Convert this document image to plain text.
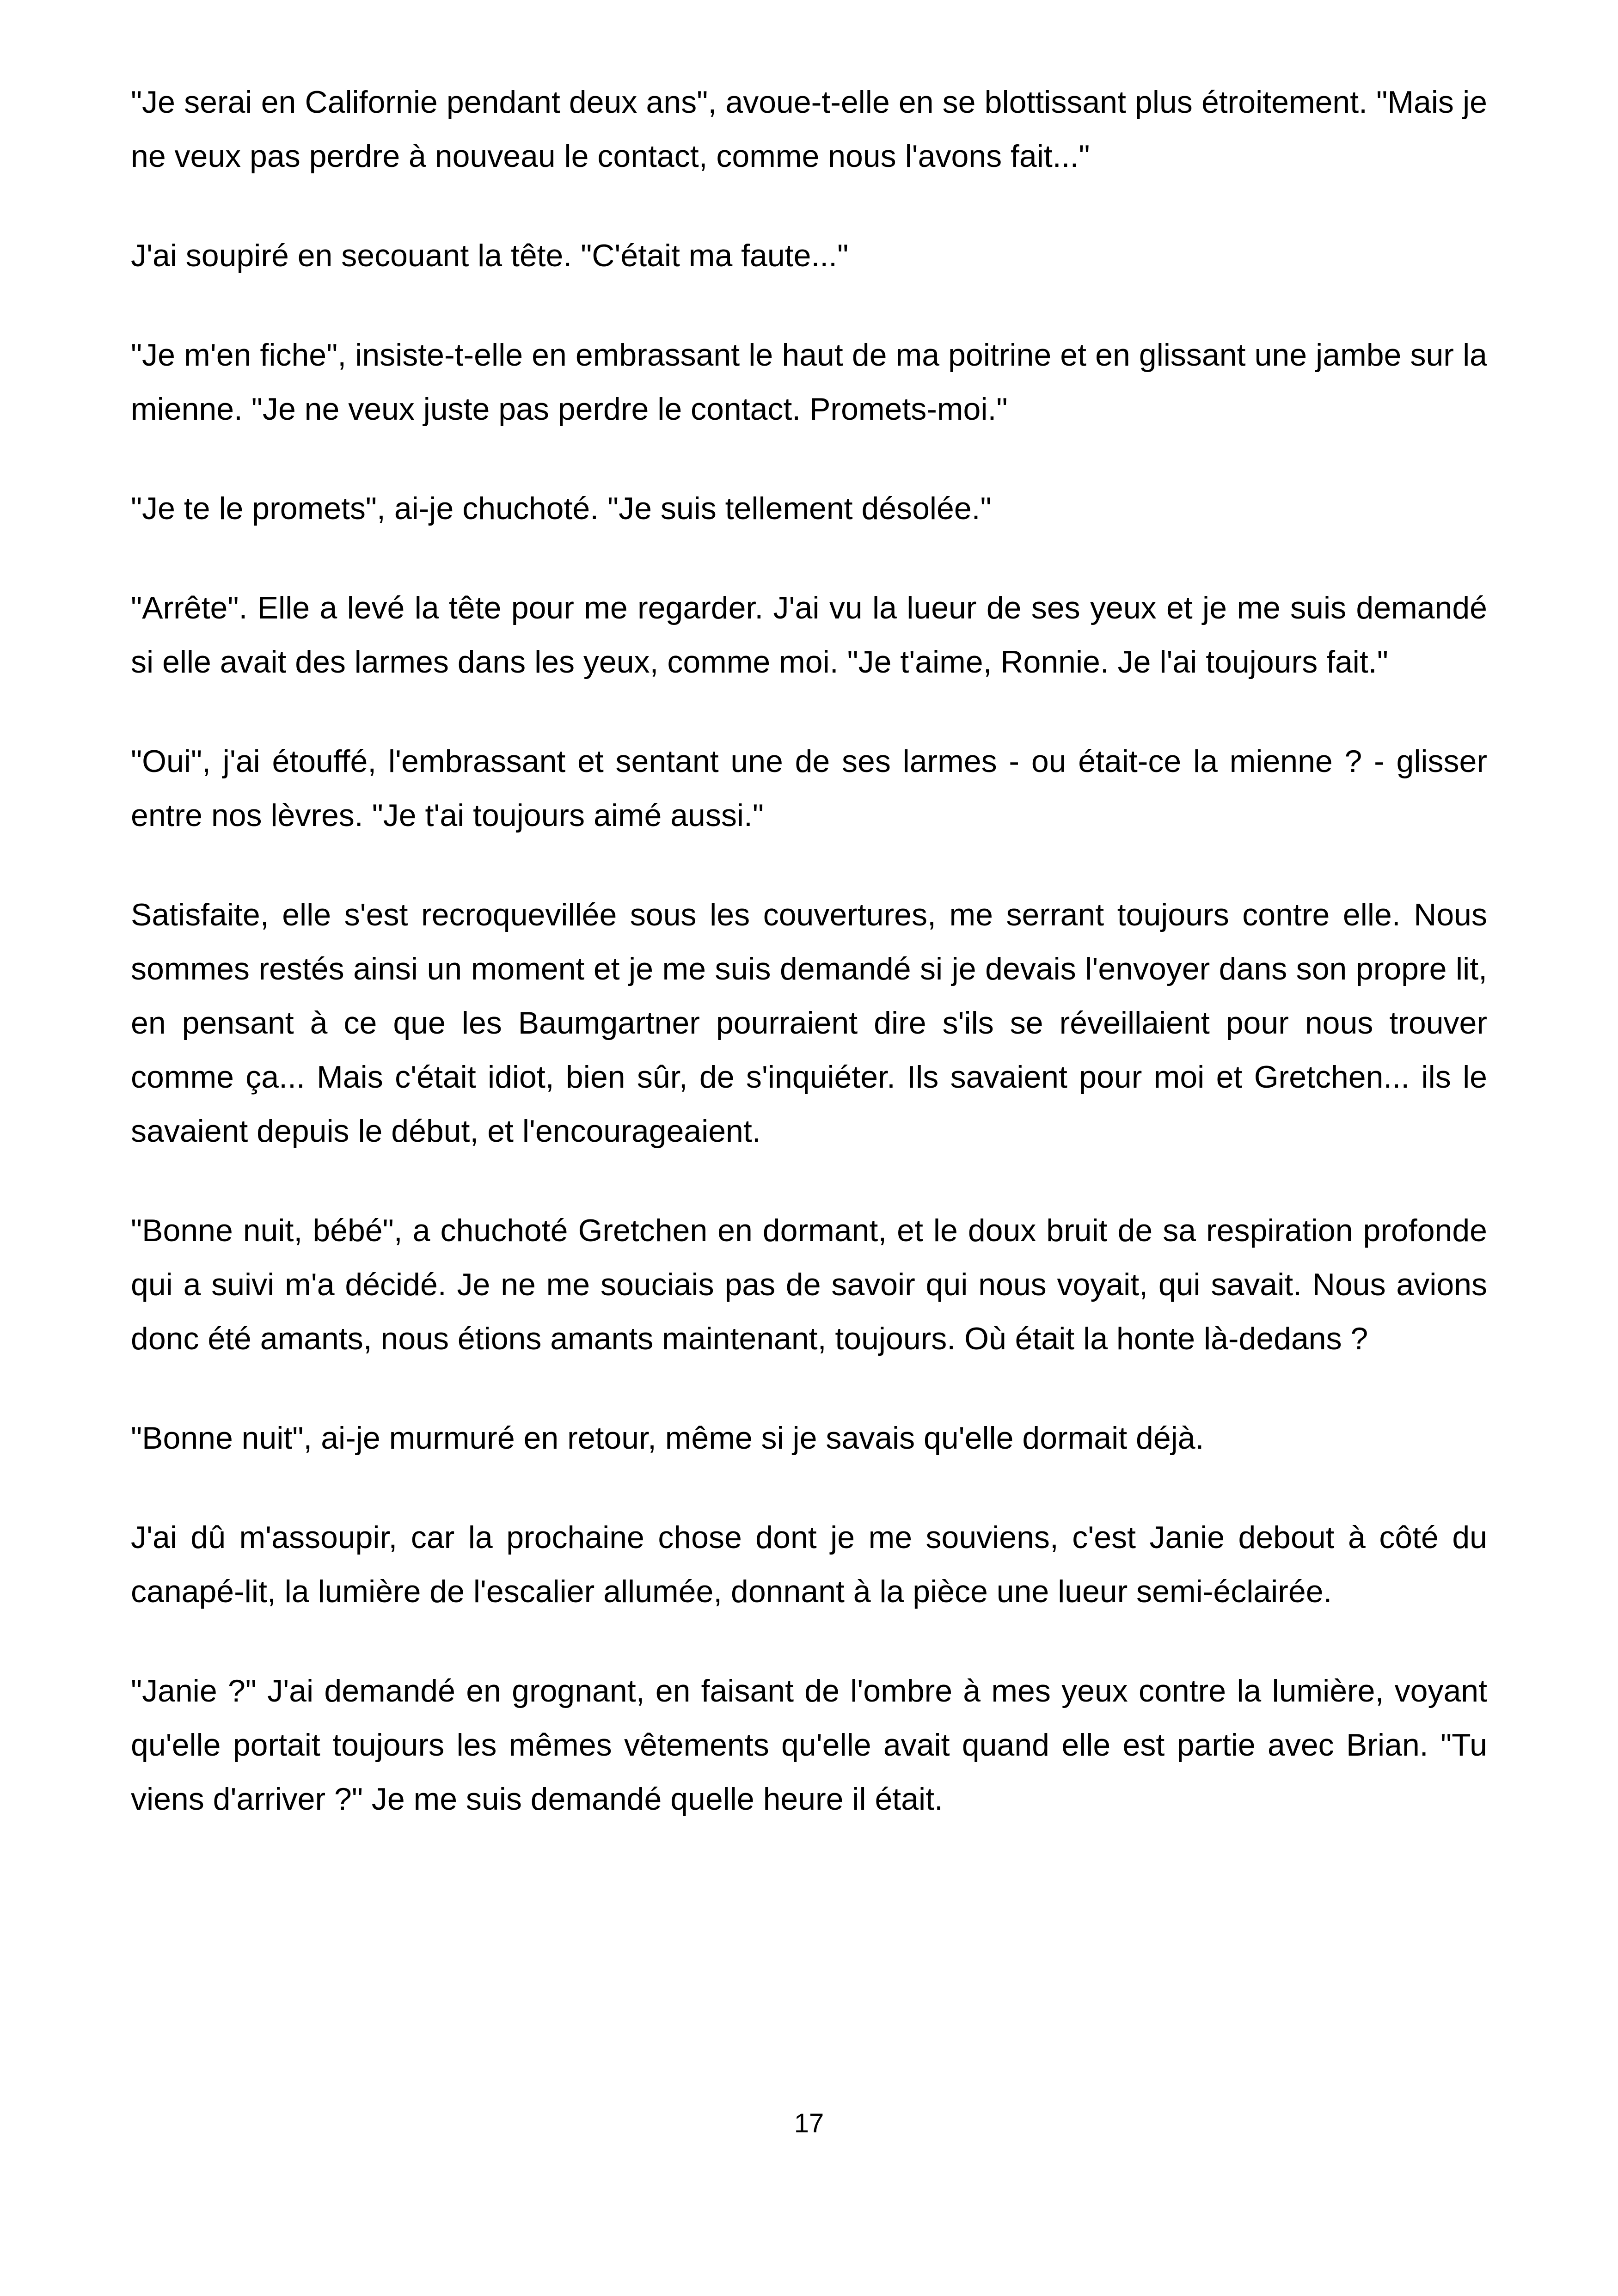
"Je serai en Californie pendant deux ans", avoue-t-elle en se blottissant plus étroitement. "Mais je ne veux pas perdre à nouveau le contact, comme nous l'avons fait..."

J'ai soupiré en secouant la tête. "C'était ma faute..."

"Je m'en fiche", insiste-t-elle en embrassant le haut de ma poitrine et en glissant une jambe sur la mienne. "Je ne veux juste pas perdre le contact. Promets-moi."

"Je te le promets", ai-je chuchoté. "Je suis tellement désolée."

"Arrête". Elle a levé la tête pour me regarder. J'ai vu la lueur de ses yeux et je me suis demandé si elle avait des larmes dans les yeux, comme moi. "Je t'aime, Ronnie. Je l'ai toujours fait."

"Oui", j'ai étouffé, l'embrassant et sentant une de ses larmes - ou était-ce la mienne ? - glisser entre nos lèvres. "Je t'ai toujours aimé aussi."

Satisfaite, elle s'est recroquevillée sous les couvertures, me serrant toujours contre elle. Nous sommes restés ainsi un moment et je me suis demandé si je devais l'envoyer dans son propre lit, en pensant à ce que les Baumgartner pourraient dire s'ils se réveillaient pour nous trouver comme ça... Mais c'était idiot, bien sûr, de s'inquiéter. Ils savaient pour moi et Gretchen... ils le savaient depuis le début, et l'encourageaient.

"Bonne nuit, bébé", a chuchoté Gretchen en dormant, et le doux bruit de sa respiration profonde qui a suivi m'a décidé. Je ne me souciais pas de savoir qui nous voyait, qui savait. Nous avions donc été amants, nous étions amants maintenant, toujours. Où était la honte là-dedans ?

"Bonne nuit", ai-je murmuré en retour, même si je savais qu'elle dormait déjà.

J'ai dû m'assoupir, car la prochaine chose dont je me souviens, c'est Janie debout à côté du canapé-lit, la lumière de l'escalier allumée, donnant à la pièce une lueur semi-éclairée.

"Janie ?" J'ai demandé en grognant, en faisant de l'ombre à mes yeux contre la lumière, voyant qu'elle portait toujours les mêmes vêtements qu'elle avait quand elle est partie avec Brian. "Tu viens d'arriver ?" Je me suis demandé quelle heure il était.

17
